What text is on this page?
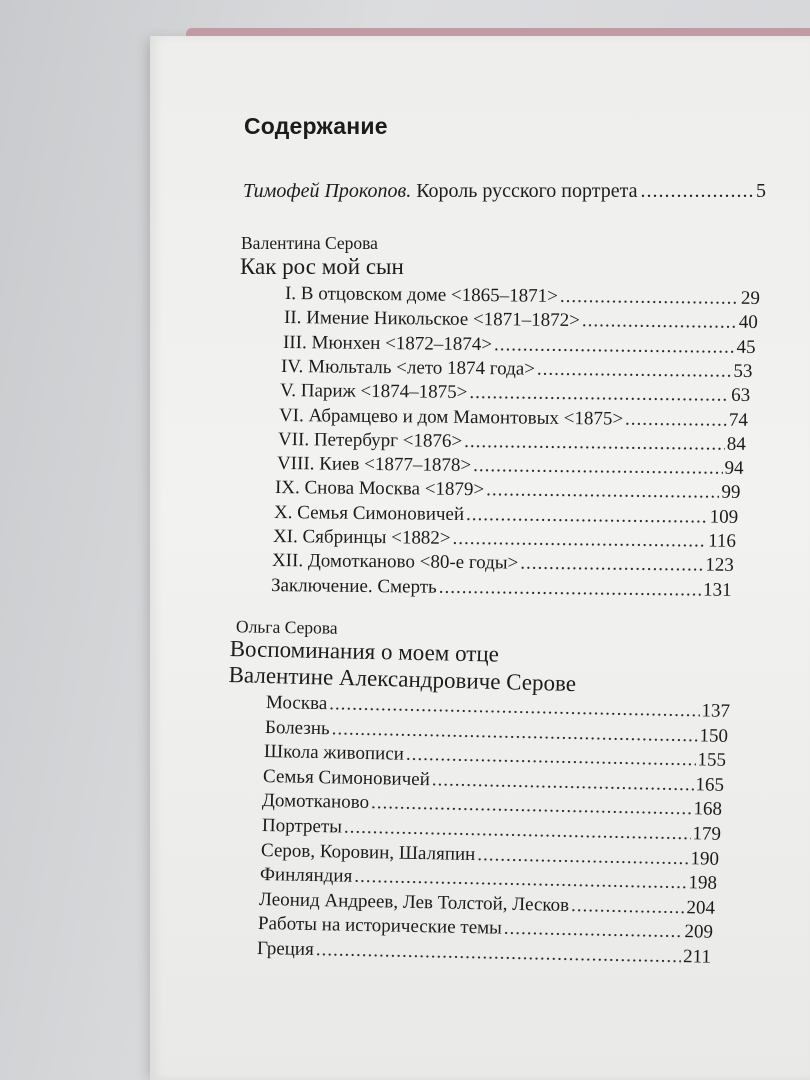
Содержание
Тимофей Прокопов. Король русского портрета .....	5
Валентина Серова
Как рос мой сын
I. В отцовском доме <1865–1871> .....	29
II. Имение Никольское <1871–1872> .....	40
III. Мюнхен <1872–1874> .....	45
IV. Мюльталь <лето 1874 года> .....	53
V. Париж <1874–1875> .....	63
VI. Абрамцево и дом Мамонтовых <1875> .....	74
VII. Петербург <1876> .....	84
VIII. Киев <1877–1878> .....	94
IX. Снова Москва <1879> .....	99
X. Семья Симоновичей .....	109
XI. Сябринцы <1882> .....	116
XII. Домотканово <80-е годы> .....	123
Заключение. Смерть .....	131
Ольга Серова
Воспоминания о моем отце
Валентине Александровиче Серове
Москва .....	137
Болезнь .....	150
Школа живописи .....	155
Семья Симоновичей .....	165
Домотканово .....	168
Портреты .....	179
Серов, Коровин, Шаляпин .....	190
Финляндия .....	198
Леонид Андреев, Лев Толстой, Лесков .....	204
Работы на исторические темы .....	209
Греция .....	211
